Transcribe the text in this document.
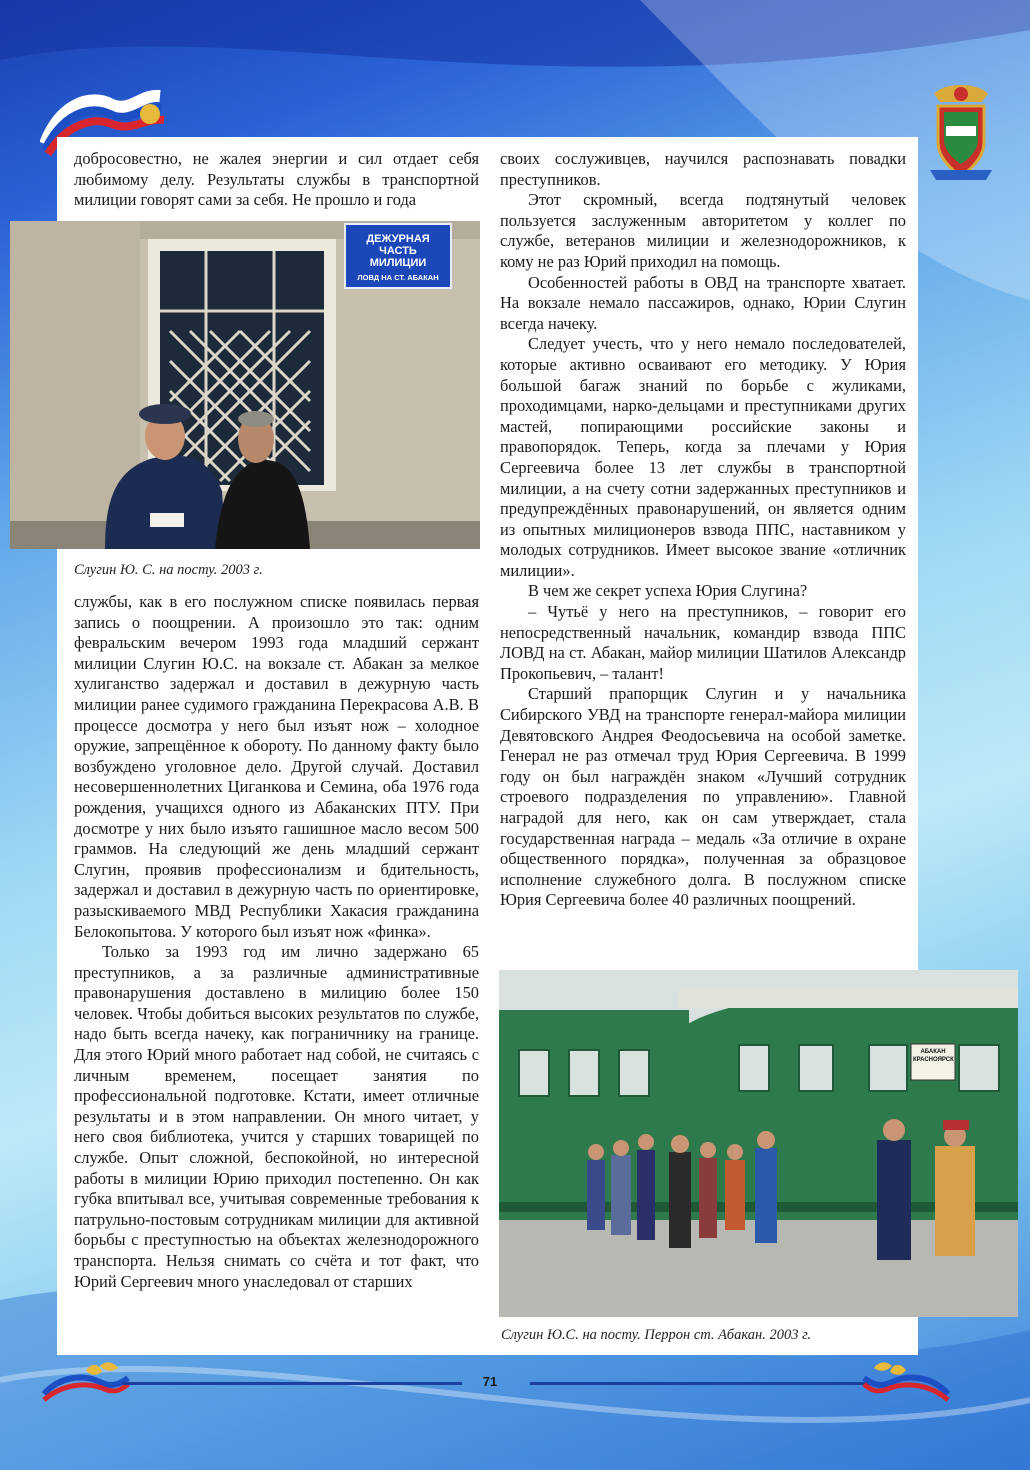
добросовестно, не жалея энергии и сил отдает себя любимому делу. Результаты службы в транспортной милиции говорят сами за себя. Не прошло и года

ДЕЖУРНАЯ ЧАСТЬ
МИЛИЦИИ
ЛОВД НА СТ. АБАКАН
Слугин Ю. С. на посту. 2003 г.

службы, как в его послужном списке появилась первая запись о поощрении. А произошло это так: одним февральским вечером 1993 года младший сержант милиции Слугин Ю.С. на вокзале ст. Абакан за мелкое хулиганство задержал и доставил в дежурную часть милиции ранее судимого гражданина Перекрасова А.В. В процессе досмотра у него был изъят нож – холодное оружие, запрещённое к обороту. По данному факту было возбуждено уголовное дело. Другой случай. Доставил несовершеннолетних Циганкова и Семина, оба 1976 года рождения, учащихся одного из Абаканских ПТУ. При досмотре у них было изъято гашишное масло весом 500 граммов. На следующий же день младший сержант Слугин, проявив профессионализм и бдительность, задержал и доставил в дежурную часть по ориентировке, разыскиваемого МВД Республики Хакасия гражданина Белокопытова. У которого был изъят нож «финка».

Только за 1993 год им лично задержано 65 преступников, а за различные административные правонарушения доставлено в милицию более 150 человек. Чтобы добиться высоких результатов по службе, надо быть всегда начеку, как пограничнику на границе. Для этого Юрий много работает над собой, не считаясь с личным временем, посещает занятия по профессиональной подготовке. Кстати, имеет отличные результаты и в этом направлении. Он много читает, у него своя библиотека, учится у старших товарищей по службе. Опыт сложной, беспокойной, но интересной работы в милиции Юрию приходил постепенно. Он как губка впитывал все, учитывая современные требования к патрульно-постовым сотрудникам милиции для активной борьбы с преступностью на объектах железнодорожного транспорта. Нельзя снимать со счёта и тот факт, что Юрий Сергеевич много унаследовал от старших

своих сослуживцев, научился распознавать повадки преступников.

Этот скромный, всегда подтянутый человек пользуется заслуженным авторитетом у коллег по службе, ветеранов милиции и железнодорожников, к кому не раз Юрий приходил на помощь.

Особенностей работы в ОВД на транспорте хватает. На вокзале немало пассажиров, однако, Юрии Слугин всегда начеку.

Следует учесть, что у него немало последователей, которые активно осваивают его методику. У Юрия большой багаж знаний по борьбе с жуликами, проходимцами, нарко-дельцами и преступниками других мастей, попирающими российские законы и правопорядок. Теперь, когда за плечами у Юрия Сергеевича более 13 лет службы в транспортной милиции, а на счету сотни задержанных преступников и предупреждённых правонарушений, он является одним из опытных милиционеров взвода ППС, наставником у молодых сотрудников. Имеет высокое звание «отличник милиции».

В чем же секрет успеха Юрия Слугина?

– Чутьё у него на преступников, – говорит его непосредственный начальник, командир взвода ППС ЛОВД на ст. Абакан, майор милиции Шатилов Александр Прокопьевич, – талант!

Старший прапорщик Слугин и у начальника Сибирского УВД на транспорте генерал-майора милиции Девятовского Андрея Феодосьевича на особой заметке. Генерал не раз отмечал труд Юрия Сергеевича. В 1999 году он был награждён знаком «Лучший сотрудник строевого подразделения по управлению». Главной наградой для него, как он сам утверждает, стала государственная награда – медаль «За отличие в охране общественного порядка», полученная за образцовое исполнение служебного долга. В послужном списке Юрия Сергеевича более 40 различных поощрений.

АБАКАН
КРАСНОЯРСК
Слугин Ю.С. на посту. Перрон ст. Абакан. 2003 г.
71
